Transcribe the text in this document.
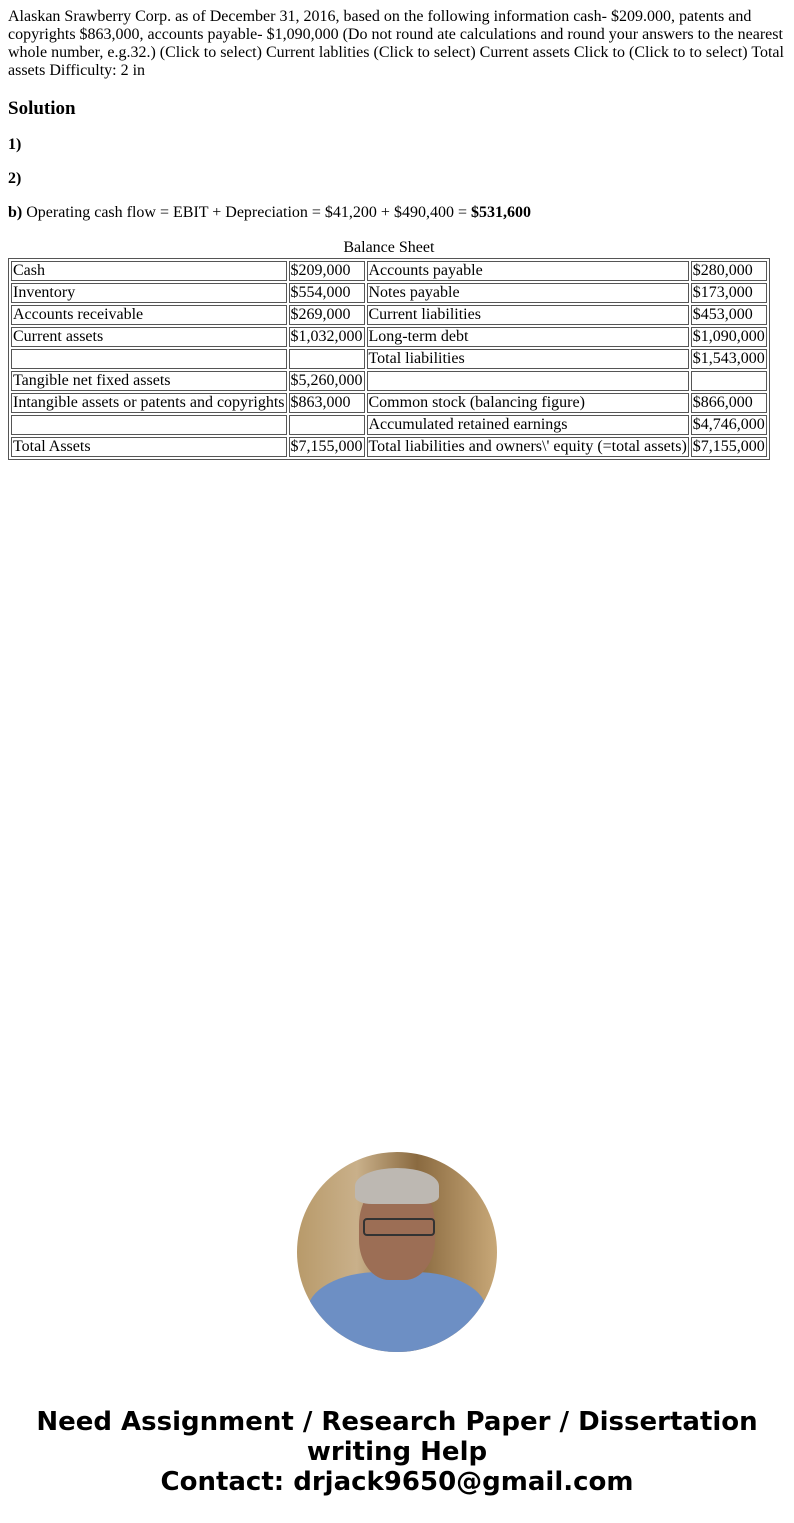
Alaskan Srawberry Corp. as of December 31, 2016, based on the following information cash- $209.000, patents and copyrights $863,000, accounts payable- $1,090,000 (Do not round ate calculations and round your answers to the nearest whole number, e.g.32.) (Click to select) Current lablities (Click to select) Current assets Click to (Click to to select) Total assets Difficulty: 2 in
Solution

1)

2)

b) Operating cash flow = EBIT + Depreciation = $41,200 + $490,400 = $531,600

Balance Sheet
Cash	$209,000	Accounts payable	$280,000
Inventory	$554,000	Notes payable	$173,000
Accounts receivable	$269,000	Current liabilities	$453,000
Current assets	$1,032,000	Long-term debt	$1,090,000
		Total liabilities	$1,543,000
Tangible net fixed assets	$5,260,000		
Intangible assets or patents and copyrights	$863,000	Common stock (balancing figure)	$866,000
		Accumulated retained earnings	$4,746,000
Total Assets	$7,155,000	Total liabilities and owners\' equity (=total assets)	$7,155,000
Need Assignment / Research Paper / Dissertation writing Help
Contact: drjack9650@gmail.com
